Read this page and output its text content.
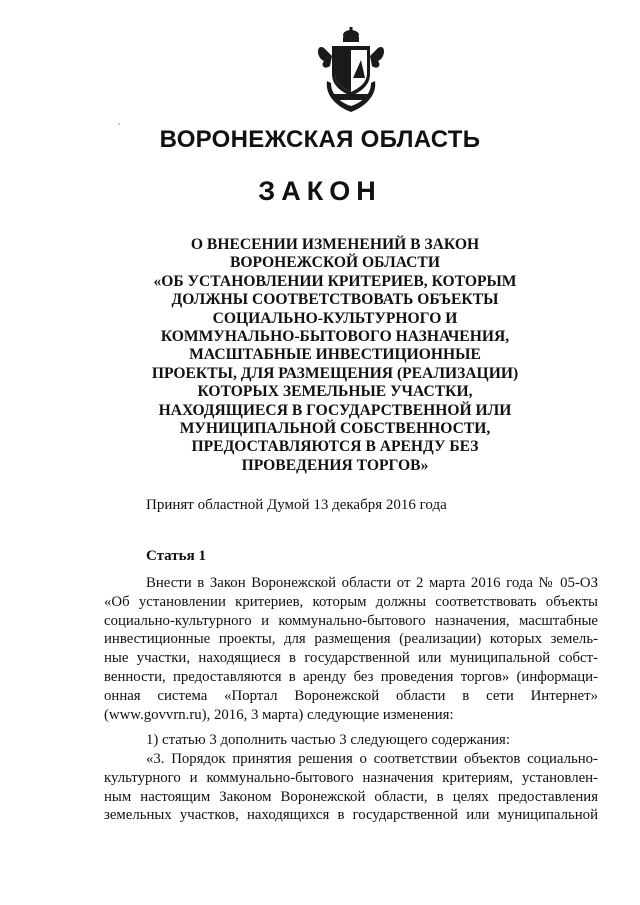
ВОРОНЕЖСКАЯ ОБЛАСТЬ
ЗАКОН
О ВНЕСЕНИИ ИЗМЕНЕНИЙ В ЗАКОН
ВОРОНЕЖСКОЙ ОБЛАСТИ
«ОБ УСТАНОВЛЕНИИ КРИТЕРИЕВ, КОТОРЫМ
ДОЛЖНЫ СООТВЕТСТВОВАТЬ ОБЪЕКТЫ
СОЦИАЛЬНО-КУЛЬТУРНОГО И
КОММУНАЛЬНО-БЫТОВОГО НАЗНАЧЕНИЯ,
МАСШТАБНЫЕ ИНВЕСТИЦИОННЫЕ
ПРОЕКТЫ, ДЛЯ РАЗМЕЩЕНИЯ (РЕАЛИЗАЦИИ)
КОТОРЫХ ЗЕМЕЛЬНЫЕ УЧАСТКИ,
НАХОДЯЩИЕСЯ В ГОСУДАРСТВЕННОЙ ИЛИ
МУНИЦИПАЛЬНОЙ СОБСТВЕННОСТИ,
ПРЕДОСТАВЛЯЮТСЯ В АРЕНДУ БЕЗ
ПРОВЕДЕНИЯ ТОРГОВ»

Принят областной Думой 13 декабря 2016 года

Статья 1

Внести в Закон Воронежской области от 2 марта 2016 года № 05-ОЗ
«Об установлении критериев, которым должны соответствовать объекты
социально-культурного и коммунально-бытового назначения, масштабные
инвестиционные проекты, для размещения (реализации) которых земель-
ные участки, находящиеся в государственной или муниципальной собст-
венности, предоставляются в аренду без проведения торгов» (информаци-
онная система «Портал Воронежской области в сети Интернет»
(www.govvrn.ru), 2016, 3 марта) следующие изменения:
1) статью 3 дополнить частью 3 следующего содержания:
«3. Порядок принятия решения о соответствии объектов социально-
культурного и коммунально-бытового назначения критериям, установлен-
ным настоящим Законом Воронежской области, в целях предоставления
земельных участков, находящихся в государственной или муниципальной
